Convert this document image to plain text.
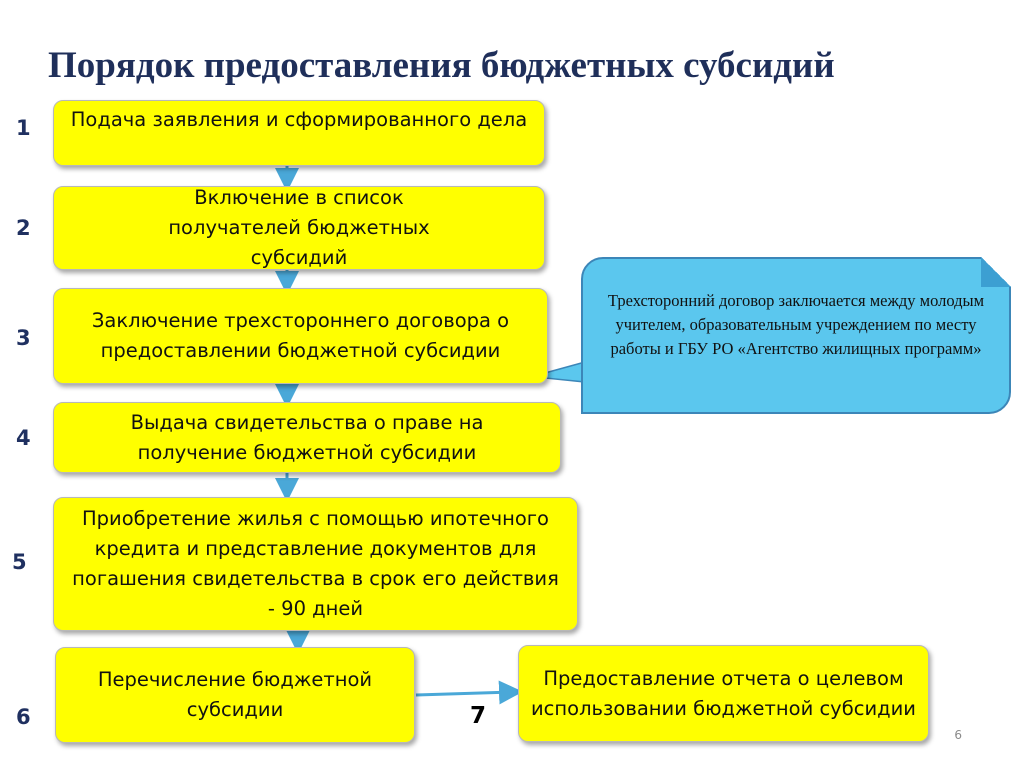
Порядок предоставления бюджетных субсидий
1
2
3
4
5
6	7
Подача заявления и сформированного дела
Включение в список получателей бюджетных субсидий
Заключение трехстороннего договора о предоставлении бюджетной субсидии
Выдача свидетельства о праве на получение бюджетной субсидии
Приобретение жилья с помощью ипотечного кредита и представление документов для погашения свидетельства в срок его действия - 90 дней
Перечисление бюджетной субсидии
Предоставление отчета о целевом использовании бюджетной субсидии
Трехсторонний договор заключается между молодым учителем, образовательным учреждением по месту работы и ГБУ РО «Агентство жилищных программ»
6
